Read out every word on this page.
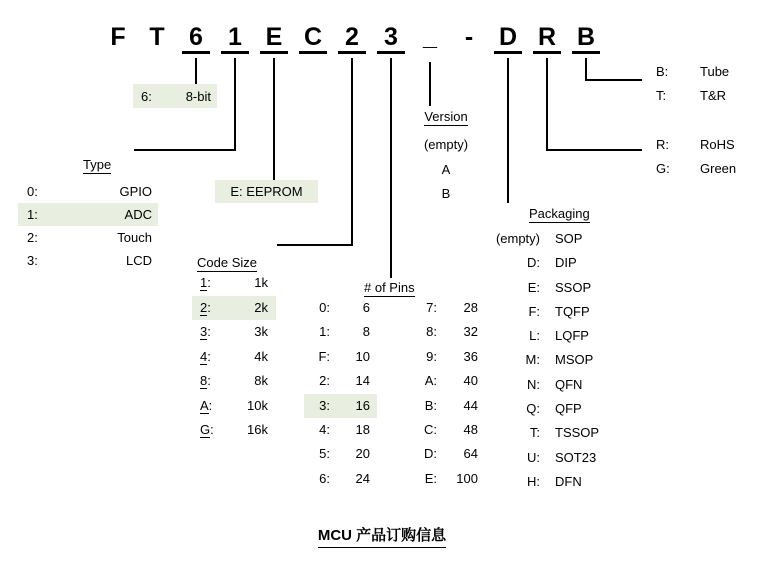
F T 6 1 E C 2 3 _	-	D R B
6:	8-bit
Type
0:	GPIO
1:	ADC
2:	Touch
3:	LCD
E: EEPROM
Code Size
1:	1k
2:	2k
3:	3k
4:	4k
8:	8k
A:	10k
G:	16k
# of Pins
0:	6	7:	28
1:	8	8:	32
F:	10	9:	36
2:	14	A:	40
3:	16	B:	44
4:	18	C:	48
5:	20	D:	64
6:	24	E:	100
Version
(empty)
A
B
Packaging
(empty) SOP
D: DIP
E: SSOP
F: TQFP
L: LQFP
M: MSOP
N: QFN
Q: QFP
T: TSSOP
U: SOT23
H: DFN
B:	Tube
T:	T&R
R:	RoHS
G:	Green
MCU 产品订购信息
